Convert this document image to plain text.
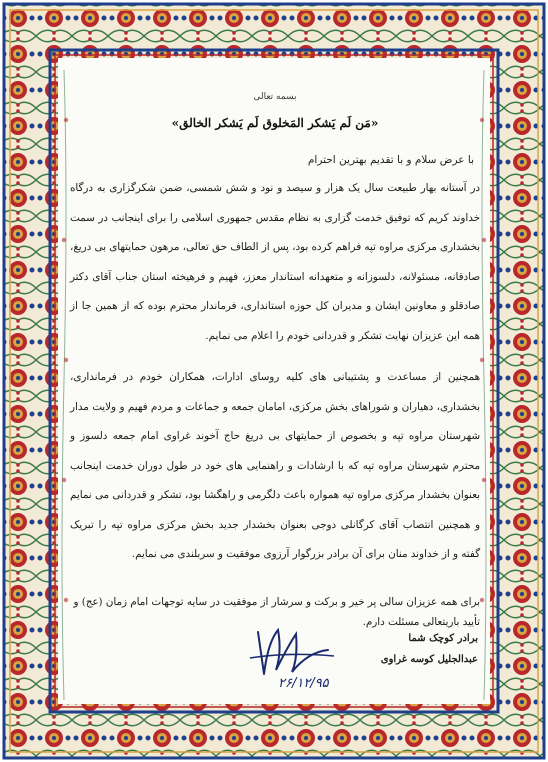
بسمه تعالی
«مَن لَم يَشكر المَخلوق لَم يَشكر الخالق»
با عرض سلام و با تقدیم بهترین احترام

در آستانه بهار طبیعت سال یک هزار و سیصد و نود و شش شمسی، ضمن شکرگزاری به درگاه خداوند کریم که توفیق خدمت گزاری به نظام مقدس جمهوری اسلامی را برای اینجانب در سمت بخشداری مرکزی مراوه تپه فراهم کرده بود، پس از الطاف حق تعالی، مرهون حمایتهای بی دریغ، صادقانه، مسئولانه، دلسوزانه و متعهدانه استاندار معزز، فهیم و فرهیخته استان جناب آقای دکتر صادقلو و معاونین ایشان و مدیران کل حوزه استانداری، فرماندار محترم بوده که از همین جا از همه این عزیزان نهایت تشکر و قدردانی خودم را اعلام می نمایم.

همچنین از مساعدت و پشتیبانی های کلیه روسای ادارات، همکاران خودم در فرمانداری، بخشداری، دهیاران و شوراهای بخش مرکزی، امامان جمعه و جماعات و مردم فهیم و ولایت مدار شهرستان مراوه تپه و بخصوص از حمایتهای بی دریغ حاج آخوند غراوی امام جمعه دلسوز و محترم شهرستان مراوه تپه که با ارشادات و راهنمایی های خود در طول دوران خدمت اینجانب بعنوان بخشدار مرکزی مراوه تپه همواره باعث دلگرمی و راهگشا بود، تشکر و قدردانی می نمایم و همچنین انتصاب آقای کرگانلی دوجی بعنوان بخشدار جدید بخش مرکزی مراوه تپه را تبریک گفته و از خداوند منان برای آن برادر بزرگوار آرزوی موفقیت و سربلندی می نمایم.

برای همه عزیزان سالی پر خیر و برکت و سرشار از موفقیت در سایه توجهات امام زمان (عج) و تأیید باریتعالی مسئلت دارم.
برادر کوچک شما
عبدالجلیل کوسه غراوی
۲۶/۱۲/۹۵
